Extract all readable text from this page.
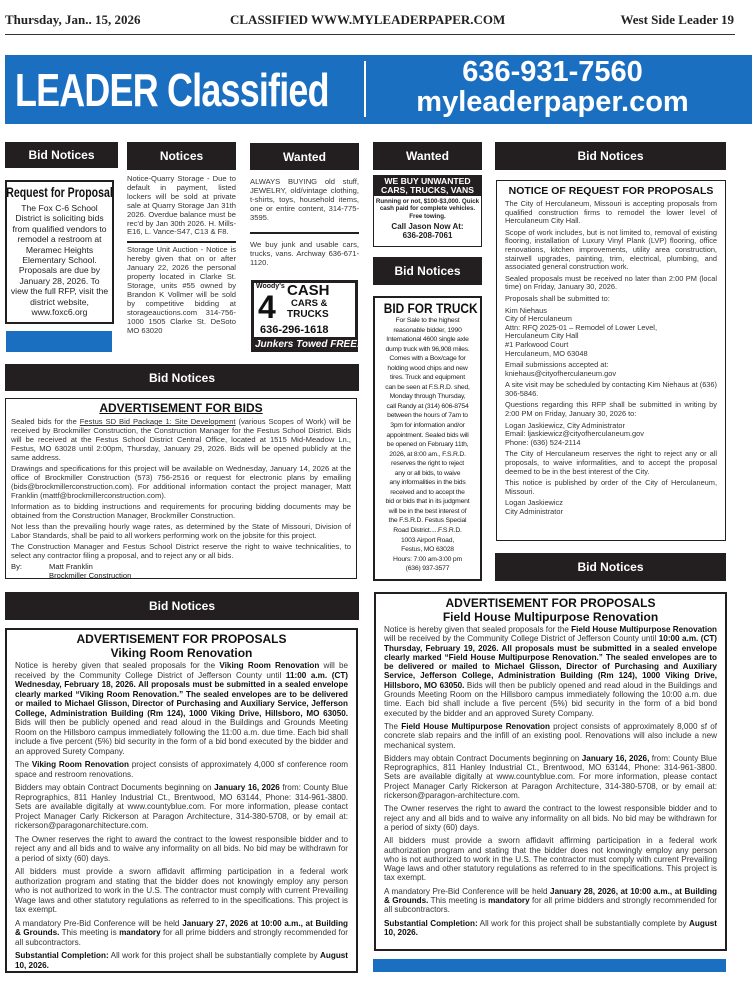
Thursday, Jan.. 15, 2026	CLASSIFIED WWW.MYLEADERPAPER.COM	West Side Leader 19
LEADER Classified	636-931-7560
myleaderpaper.com
Bid Notices
Request for Proposal
The Fox C-6 School District is soliciting bids from qualified vendors to remodel a restroom at Meramec Heights Elementary School. Proposals are due by January 28, 2026. To view the full RFP, visit the district website, www.foxc6.org
Notices
Notice-Quarry Storage - Due to default in payment, listed lockers will be sold at private sale at Quarry Storage Jan 31th 2026. Overdue balance must be rec'd by Jan 30th 2026. H. Mills-E16, L. Vance-S47, C13 & F8.
Storage Unit Auction - Notice is hereby given that on or after January 22, 2026 the personal property located in Clarke St. Storage, units #55 owned by Brandon K Vollmer will be sold by competitive bidding at storageauctions.com 314-756-1000 1505 Clarke St. DeSoto MO 63020
Wanted
ALWAYS BUYING old stuff, JEWELRY, old/vintage clothing, t-shirts, toys, household items, one or entire content, 314-775-3595.
We buy junk and usable cars, trucks, vans. Archway 636-671-1120.
Woody's
4 CASH
CARS &
TRUCKS
636-296-1618
Junkers Towed FREE!
Bid Notices
ADVERTISEMENT FOR BIDS

Sealed bids for the Festus SD Bid Package 1: Site Development (various Scopes of Work) will be received by Brockmiller Construction, the Construction Manager for the Festus School District. Bids will be received at the Festus School District Central Office, located at 1515 Mid-Meadow Ln., Festus, MO 63028 until 2:00pm, Thursday, January 29, 2026. Bids will be opened publicly at the same address.

Drawings and specifications for this project will be available on Wednesday, January 14, 2026 at the office of Brockmiller Construction (573) 756-2516 or request for electronic plans by emailing (bids@brockmillerconstruction.com). For additional information contact the project manager, Matt Franklin (mattf@brockmillerconstruction.com).

Information as to bidding instructions and requirements for procuring bidding documents may be obtained from the Construction Manager, Brockmiller Construction.

Not less than the prevailing hourly wage rates, as determined by the State of Missouri, Division of Labor Standards, shall be paid to all workers performing work on the jobsite for this project.

The Construction Manager and Festus School District reserve the right to waive technicalities, to select any contractor filing a proposal, and to reject any or all bids.

By:	Matt Franklin
Brockmiller Construction
Wanted
WE BUY UNWANTED CARS, TRUCKS, VANS
Running or not, $100-$3,000. Quick cash paid for complete vehicles. Free towing.
Call Jason Now At:
636-208-7061
Bid Notices
BID FOR TRUCK
For Sale to the highest
reasonable bidder, 1990
International 4600 single axle
dump truck with 96,908 miles.
Comes with a Box/cage for
holding wood chips and new
tires. Truck and equipment
can be seen at F.S.R.D. shed,
Monday through Thursday,
call Randy at (314) 606-8754
between the hours of 7am to
3pm for information and/or
appointment. Sealed bids will
be opened on February 11th,
2026, at 8:00 am., F.S.R.D.
reserves the right to reject
any or all bids, to waive
any informalities in the bids
received and to accept the
bid or bids that in its judgment
will be in the best interest of
the F.S.R.D. Festus Special
Road District.....F.S.R.D.
1003 Airport Road,
Festus, MO 63028
Hours: 7:00 am-3:00 pm
(636) 937-3577
Bid Notices
NOTICE OF REQUEST FOR PROPOSALS

The City of Herculaneum, Missouri is accepting proposals from qualified construction firms to remodel the lower level of Herculaneum City Hall.

Scope of work includes, but is not limited to, removal of existing flooring, installation of Luxury Vinyl Plank (LVP) flooring, office renovations, kitchen improvements, utility area construction, stairwell upgrades, painting, trim, electrical, plumbing, and associated general construction work.

Sealed proposals must be received no later than 2:00 PM (local time) on Friday, January 30, 2026.

Proposals shall be submitted to:

Kim Niehaus
City of Herculaneum
Attn: RFQ 2025-01 – Remodel of Lower Level,
Herculaneum City Hall
#1 Parkwood Court
Herculaneum, MO 63048

Email submissions accepted at:
kniehaus@cityofherculaneum.gov

A site visit may be scheduled by contacting Kim Niehaus at (636) 306-5846.

Questions regarding this RFP shall be submitted in writing by 2:00 PM on Friday, January 30, 2026 to:

Logan Jaskiewicz, City Administrator
Email: ljaskiewicz@cityofherculaneum.gov
Phone: (636) 524-2114

The City of Herculaneum reserves the right to reject any or all proposals, to waive informalities, and to accept the proposal deemed to be in the best interest of the City.

This notice is published by order of the City of Herculaneum, Missouri.

Logan Jaskiewicz
City Administrator

Bid Notices
Bid Notices
ADVERTISEMENT FOR PROPOSALS
Viking Room Renovation

Notice is hereby given that sealed proposals for the Viking Room Renovation will be received by the Community College District of Jefferson County until 11:00 a.m. (CT) Wednesday, February 18, 2026. All proposals must be submitted in a sealed envelope clearly marked “Viking Room Renovation.” The sealed envelopes are to be delivered or mailed to Michael Glisson, Director of Purchasing and Auxiliary Service, Jefferson College, Administration Building (Rm 124), 1000 Viking Drive, Hillsboro, MO 63050. Bids will then be publicly opened and read aloud in the Buildings and Grounds Meeting Room on the Hillsboro campus immediately following the 11:00 a.m. due time. Each bid shall include a five percent (5%) bid security in the form of a bid bond executed by the bidder and an approved Surety Company.

The Viking Room Renovation project consists of approximately 4,000 sf conference room space and restroom renovations.

Bidders may obtain Contract Documents beginning on January 16, 2026 from: County Blue Reprographics, 811 Hanley Industrial Ct., Brentwood, MO 63144, Phone: 314-961-3800. Sets are available digitally at www.countyblue.com. For more information, please contact Project Manager Carly Rickerson at Paragon Architecture, 314-380-5708, or by email at: rickerson@paragonarchitecture.com.

The Owner reserves the right to award the contract to the lowest responsible bidder and to reject any and all bids and to waive any informality on all bids. No bid may be withdrawn for a period of sixty (60) days.

All bidders must provide a sworn affidavit affirming participation in a federal work authorization program and stating that the bidder does not knowingly employ any person who is not authorized to work in the U.S. The contractor must comply with current Prevailing Wage laws and other statutory regulations as referred to in the specifications. This project is tax exempt.

A mandatory Pre-Bid Conference will be held January 27, 2026 at 10:00 a.m., at Building & Grounds. This meeting is mandatory for all prime bidders and strongly recommended for all subcontractors.

Substantial Completion: All work for this project shall be substantially complete by August 10, 2026.

ADVERTISEMENT FOR PROPOSALS
Field House Multipurpose Renovation

Notice is hereby given that sealed proposals for the Field House Multipurpose Renovation will be received by the Community College District of Jefferson County until 10:00 a.m. (CT) Thursday, February 19, 2026. All proposals must be submitted in a sealed envelope clearly marked “Field House Multipurpose Renovation.” The sealed envelopes are to be delivered or mailed to Michael Glisson, Director of Purchasing and Auxiliary Service, Jefferson College, Administration Building (Rm 124), 1000 Viking Drive, Hillsboro, MO 63050. Bids will then be publicly opened and read aloud in the Buildings and Grounds Meeting Room on the Hillsboro campus immediately following the 10:00 a.m. due time. Each bid shall include a five percent (5%) bid security in the form of a bid bond executed by the bidder and an approved Surety Company.

The Field House Multipurpose Renovation project consists of approximately 8,000 sf of concrete slab repairs and the infill of an existing pool. Renovations will also include a new mechanical system.

Bidders may obtain Contract Documents beginning on January 16, 2026, from: County Blue Reprographics, 811 Hanley Industrial Ct., Brentwood, MO 63144, Phone: 314-961-3800. Sets are available digitally at www.countyblue.com. For more information, please contact Project Manager Carly Rickerson at Paragon Architecture, 314-380-5708, or by email at: rickerson@paragon-architecture.com.

The Owner reserves the right to award the contract to the lowest responsible bidder and to reject any and all bids and to waive any informality on all bids. No bid may be withdrawn for a period of sixty (60) days.

All bidders must provide a sworn affidavit affirming participation in a federal work authorization program and stating that the bidder does not knowingly employ any person who is not authorized to work in the U.S. The contractor must comply with current Prevailing Wage laws and other statutory regulations as referred to in the specifications. This project is tax exempt.

A mandatory Pre-Bid Conference will be held January 28, 2026, at 10:00 a.m., at Building & Grounds. This meeting is mandatory for all prime bidders and strongly recommended for all subcontractors.

Substantial Completion: All work for this project shall be substantially complete by August 10, 2026.
